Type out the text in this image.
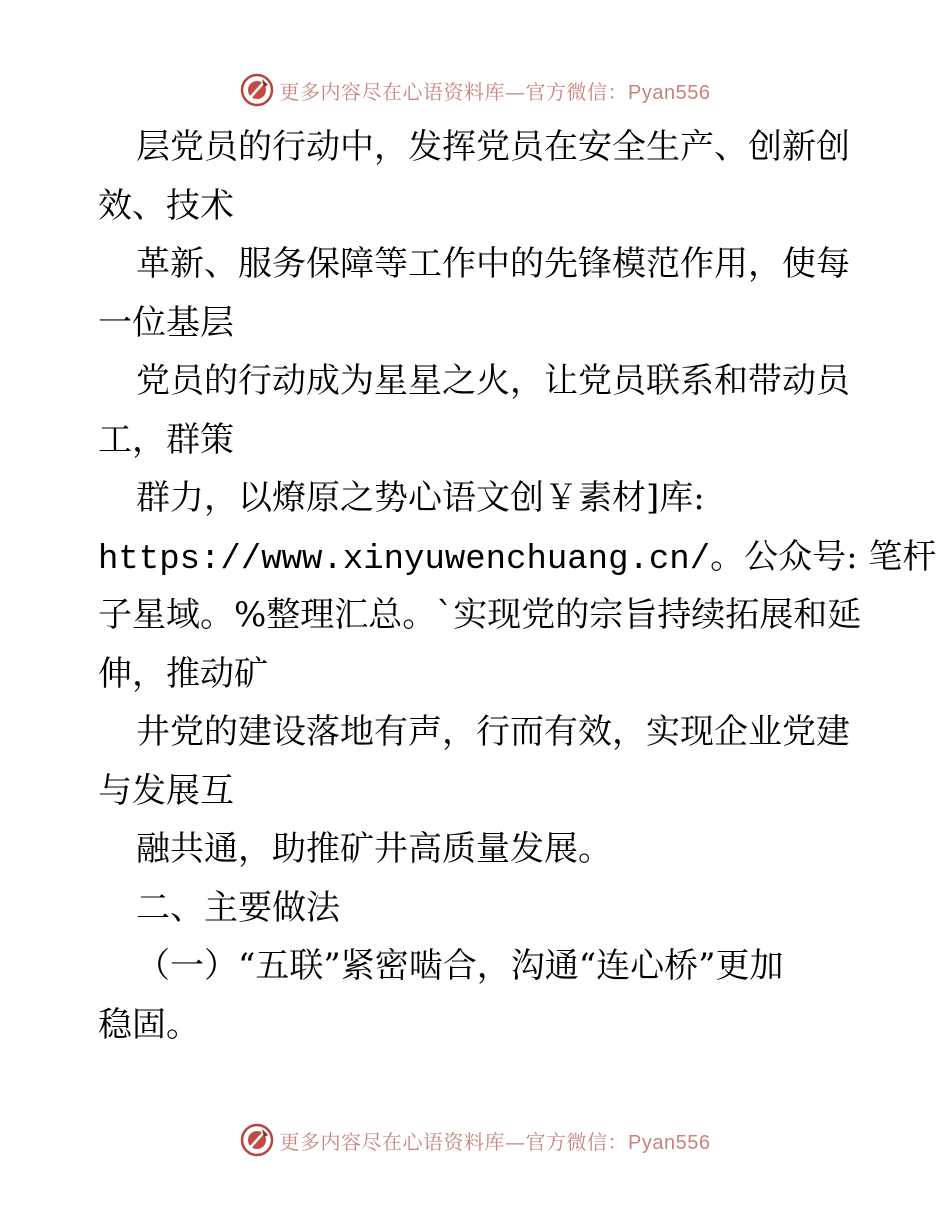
更多内容尽在心语资料库—官方微信：Pyan556
层党员的行动中，发挥党员在安全生产、创新创
效、技术
革新、服务保障等工作中的先锋模范作用，使每
一位基层
党员的行动成为星星之火，让党员联系和带动员
工，群策
群力，以燎原之势心语文创￥素材]库:
https://www.xinyuwenchuang.cn/。公众号: 笔杆
子星域。%整理汇总。`实现党的宗旨持续拓展和延
伸，推动矿
井党的建设落地有声，行而有效，实现企业党建
与发展互
融共通，助推矿井高质量发展。
二、主要做法
（一）“五联”紧密啮合，沟通“连心桥”更加
稳固。
更多内容尽在心语资料库—官方微信：Pyan556
